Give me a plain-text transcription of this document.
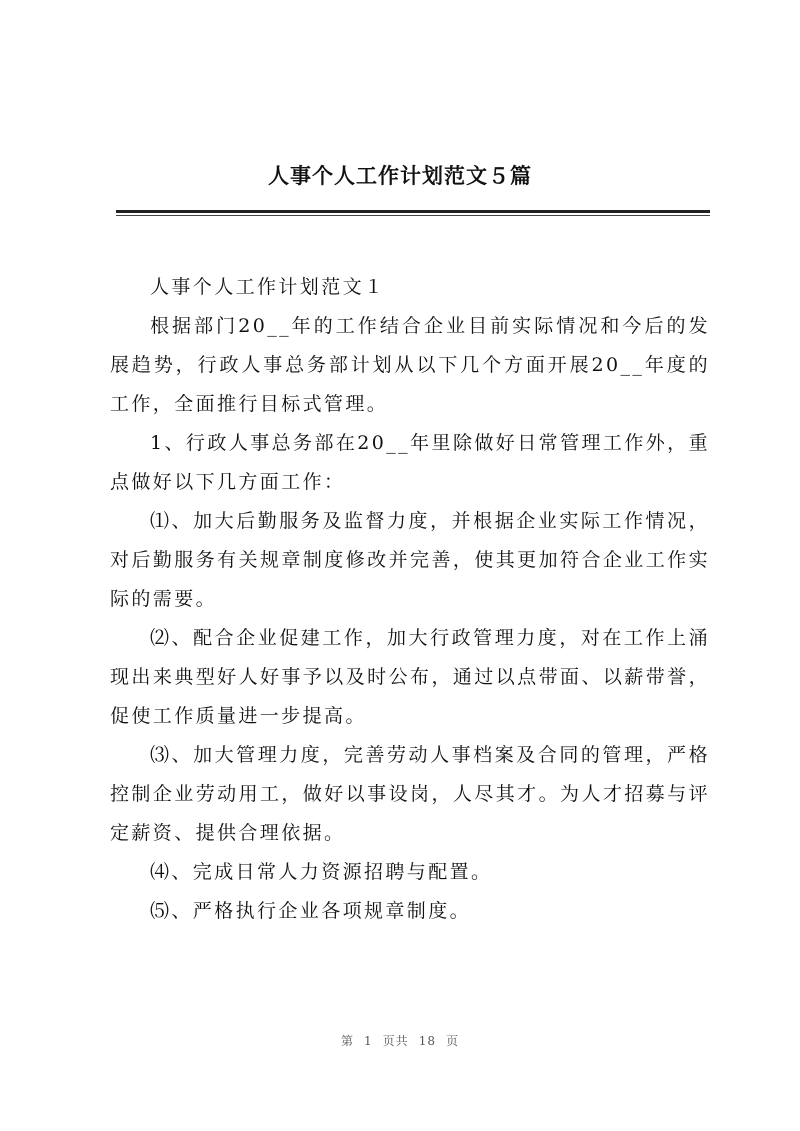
人事个人工作计划范文５篇

人事个人工作计划范文１

根据部门20__年的工作结合企业目前实际情况和今后的发展趋势，行政人事总务部计划从以下几个方面开展20__年度的工作，全面推行目标式管理。

1、行政人事总务部在20__年里除做好日常管理工作外，重点做好以下几方面工作：

⑴、加大后勤服务及监督力度，并根据企业实际工作情况，对后勤服务有关规章制度修改并完善，使其更加符合企业工作实际的需要。

⑵、配合企业促建工作，加大行政管理力度，对在工作上涌现出来典型好人好事予以及时公布，通过以点带面、以薪带誉，促使工作质量进一步提高。

⑶、加大管理力度，完善劳动人事档案及合同的管理，严格控制企业劳动用工，做好以事设岗，人尽其才。为人才招募与评定薪资、提供合理依据。

⑷、完成日常人力资源招聘与配置。

⑸、严格执行企业各项规章制度。

第 1 页共 18 页
